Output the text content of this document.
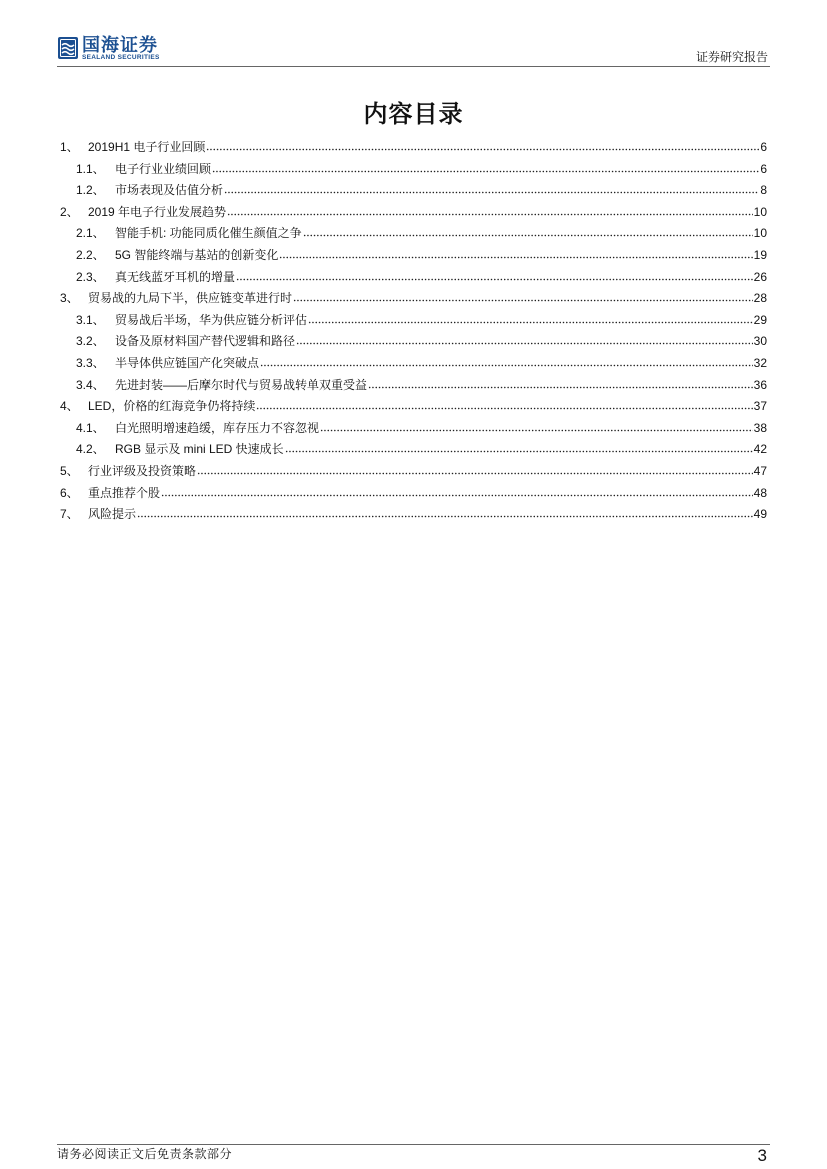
国海证券
SEALAND SECURITIES	证券研究报告
内容目录
1、 2019H1 电子行业回顾	6
1.1、 电子行业业绩回顾	6
1.2、 市场表现及估值分析	8
2、 2019 年电子行业发展趋势	10
2.1、 智能手机: 功能同质化催生颜值之争	10
2.2、 5G 智能终端与基站的创新变化	19
2.3、 真无线蓝牙耳机的增量	26
3、 贸易战的九局下半，供应链变革进行时	28
3.1、 贸易战后半场，华为供应链分析评估	29
3.2、 设备及原材料国产替代逻辑和路径	30
3.3、 半导体供应链国产化突破点	32
3.4、 先进封装——后摩尔时代与贸易战转单双重受益	36
4、 LED，价格的红海竞争仍将持续	37
4.1、 白光照明增速趋缓，库存压力不容忽视	38
4.2、 RGB 显示及 mini LED 快速成长	42
5、 行业评级及投资策略	47
6、 重点推荐个股	48
7、 风险提示	49
请务必阅读正文后免责条款部分	3
